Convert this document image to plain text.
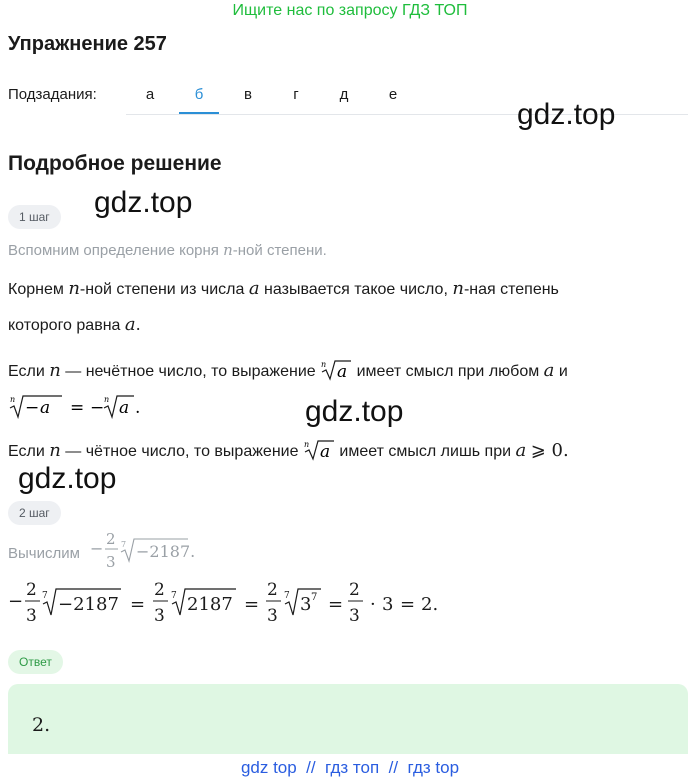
Ищите нас по запросу ГДЗ ТОП
Упражнение 257
Подзадания:	а	б	в	г	д	е
gdz.top
gdz.top
gdz.top
gdz.top
Подробное решение
1 шаг
Вспомним определение корня n-ной степени.
Корнем n-ной степени из числа a называется такое число, n-ная степень
которого равна a.
Если n — нечётное число, то выражение n a имеет смысл при любом a и
n − a = − n a .
Если n — чётное число, то выражение n a имеет смысл лишь при a ⩾ 0.
2 шаг
Вычислим − 2
3
7 −2187.
−
2
3
7 −2187 =
2
3
7 2187 =
2
3
7 3 7 =
2
3
· 3 = 2.
Ответ
2.
gdz top  //  гдз топ  //  гдз top
